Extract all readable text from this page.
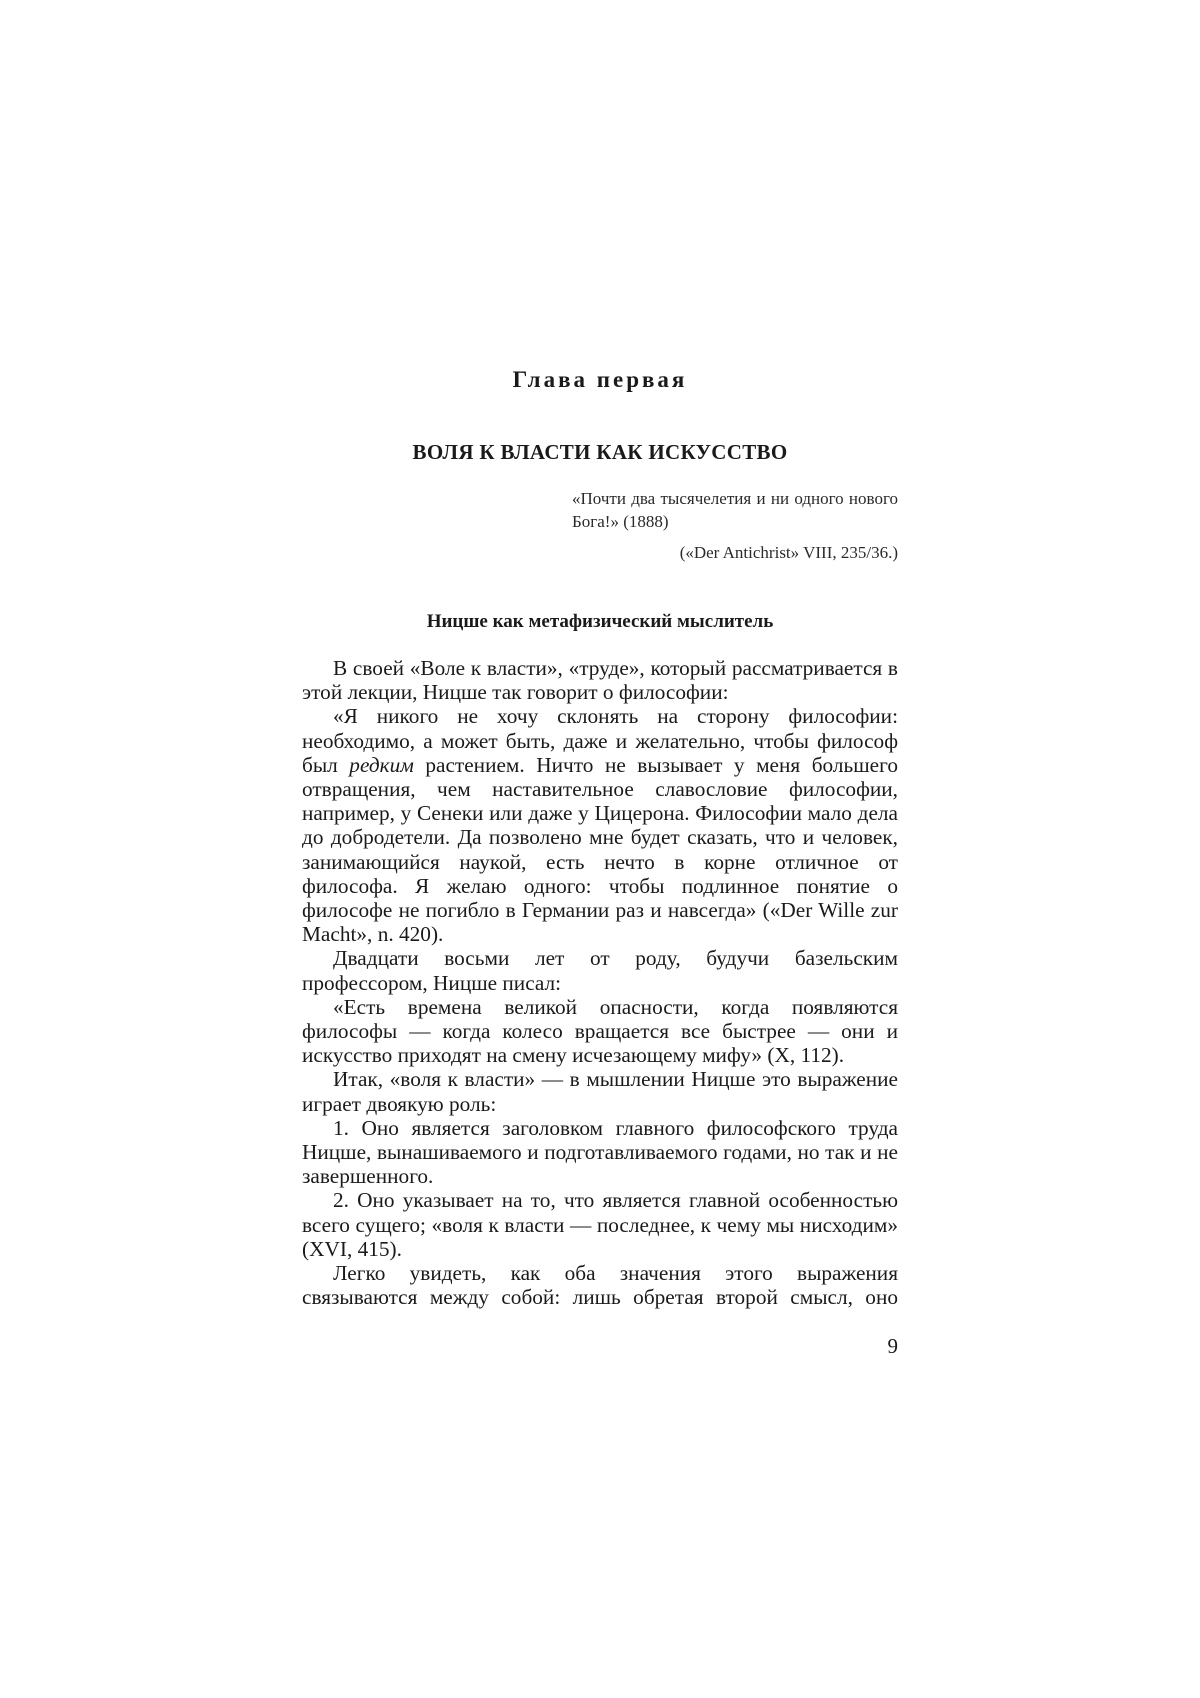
Глава первая
ВОЛЯ К ВЛАСТИ КАК ИСКУССТВО
«Почти два тысячелетия и ни одного нового Бога!» (1888)
(«Der Antichrist» VIII, 235/36.)
Ницше как метафизический мыслитель

В своей «Воле к власти», «труде», который рассматривается в этой лекции, Ницше так говорит о философии:

«Я никого не хочу склонять на сторону философии: необходимо, а может быть, даже и желательно, чтобы философ был редким растением. Ничто не вызывает у меня большего отвращения, чем наставительное славословие философии, например, у Сенеки или даже у Цицерона. Философии мало дела до добродетели. Да позволено мне будет сказать, что и человек, занимающийся наукой, есть нечто в корне отличное от философа. Я желаю одного: чтобы подлинное понятие о философе не погибло в Германии раз и навсегда» («Der Wille zur Macht», n. 420).

Двадцати восьми лет от роду, будучи базельским профессором, Ницше писал:

«Есть времена великой опасности, когда появляются философы — когда колесо вращается все быстрее — они и искусство приходят на смену исчезающему мифу» (X, 112).

Итак, «воля к власти» — в мышлении Ницше это выражение играет двоякую роль:

1. Оно является заголовком главного философского труда Ницше, вынашиваемого и подготавливаемого годами, но так и не завершенного.

2. Оно указывает на то, что является главной особенностью всего сущего; «воля к власти — последнее, к чему мы нисходим» (XVI, 415).

Легко увидеть, как оба значения этого выражения связываются между собой: лишь обретая второй смысл, оно

9
